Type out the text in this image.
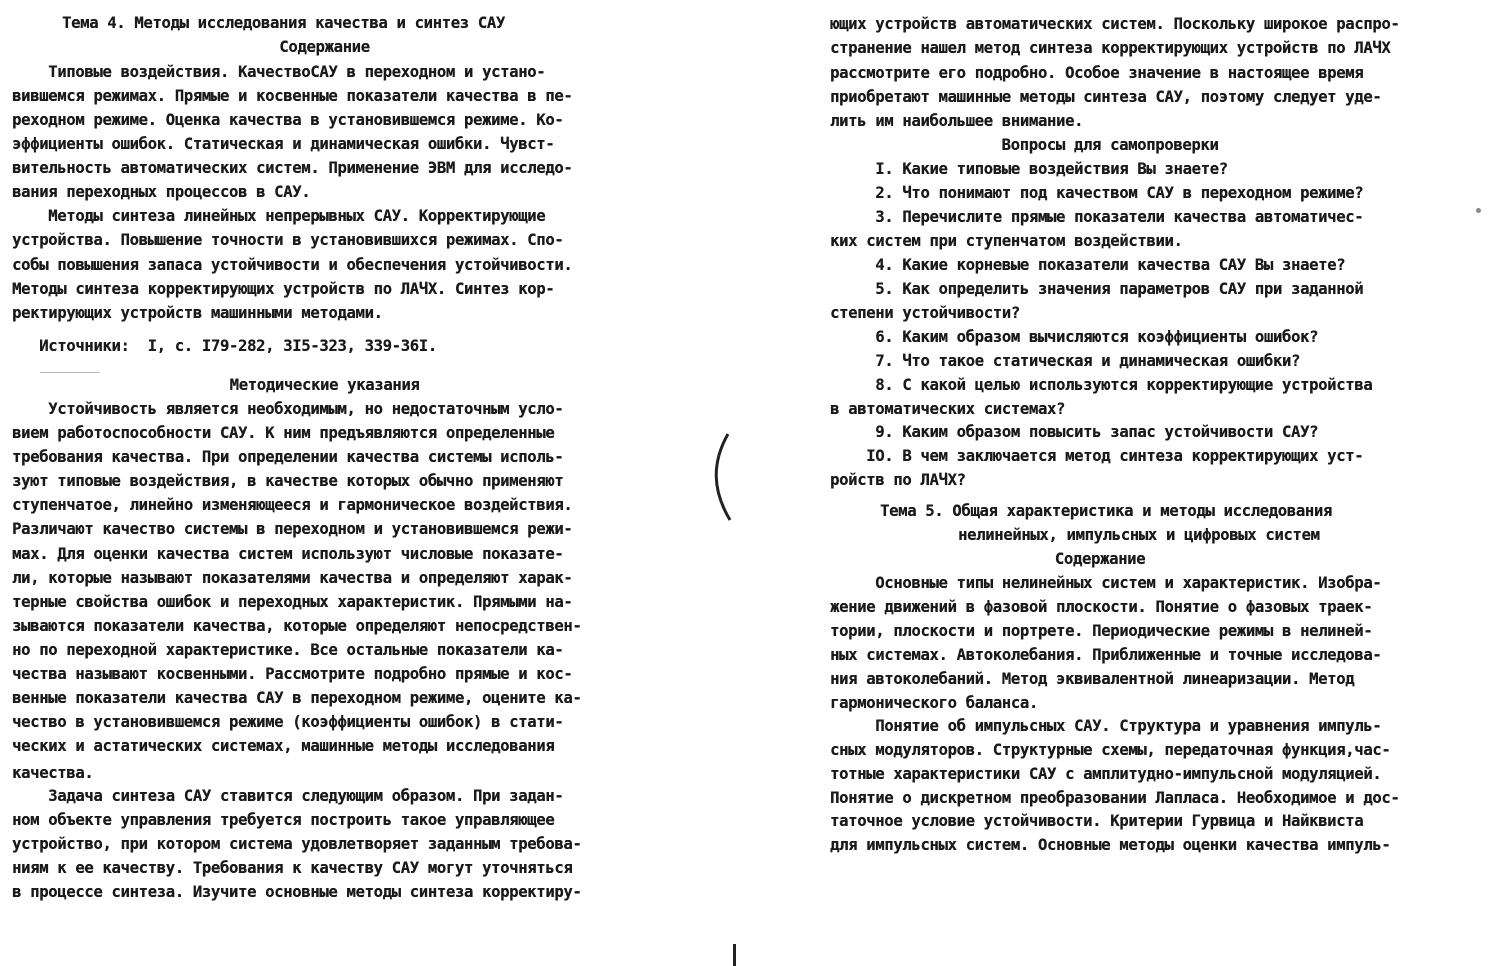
Тема 4. Методы исследования качества и синтез САУ
Содержание
Типовые воздействия. КачествоСАУ в переходном и устано-
вившемся режимах. Прямые и косвенные показатели качества в пе-
реходном режиме. Оценка качества в установившемся режиме. Ко-
эффициенты ошибок. Статическая и динамическая ошибки. Чувст-
вительность автоматических систем. Применение ЭВМ для исследо-
вания переходных процессов в САУ.
Методы синтеза линейных непрерывных САУ. Корректирующие
устройства. Повышение точности в установившихся режимах. Спо-
собы повышения запаса устойчивости и обеспечения устойчивости.
Методы синтеза корректирующих устройств по ЛАЧХ. Синтез кор-
ректирующих устройств машинными методами.
Источники:  I, с. I79-282, 3I5-323, 339-36I.
Методические указания
Устойчивость является необходимым, но недостаточным усло-
вием работоспособности САУ. К ним предъявляются определенные
требования качества. При определении качества системы исполь-
зуют типовые воздействия, в качестве которых обычно применяют
ступенчатое, линейно изменяющееся и гармоническое воздействия.
Различают качество системы в переходном и установившемся режи-
мах. Для оценки качества систем используют числовые показате-
ли, которые называют показателями качества и определяют харак-
терные свойства ошибок и переходных характеристик. Прямыми на-
зываются показатели качества, которые определяют непосредствен-
но по переходной характеристике. Все остальные показатели ка-
чества называют косвенными. Рассмотрите подробно прямые и кос-
венные показатели качества САУ в переходном режиме, оцените ка-
чество в установившемся режиме (коэффициенты ошибок) в стати-
ческих и астатических системах, машинные методы исследования
качества.
Задача синтеза САУ ставится следующим образом. При задан-
ном объекте управления требуется построить такое управляющее
устройство, при котором система удовлетворяет заданным требова-
ниям к ее качеству. Требования к качеству САУ могут уточняться
в процессе синтеза. Изучите основные методы синтеза корректиру-
ющих устройств автоматических систем. Поскольку широкое распро-
странение нашел метод синтеза корректирующих устройств по ЛАЧХ
рассмотрите его подробно. Особое значение в настоящее время
приобретают машинные методы синтеза САУ, поэтому следует уде-
лить им наибольшее внимание.
Вопросы для самопроверки
I. Какие типовые воздействия Вы знаете?
2. Что понимают под качеством САУ в переходном режиме?
3. Перечислите прямые показатели качества автоматичес-
ких систем при ступенчатом воздействии.
4. Какие корневые показатели качества САУ Вы знаете?
5. Как определить значения параметров САУ при заданной
степени устойчивости?
6. Каким образом вычисляются коэффициенты ошибок?
7. Что такое статическая и динамическая ошибки?
8. С какой целью используются корректирующие устройства
в автоматических системах?
9. Каким образом повысить запас устойчивости САУ?
IO. В чем заключается метод синтеза корректирующих уст-
ройств по ЛАЧХ?
Тема 5. Общая характеристика и методы исследования
нелинейных, импульсных и цифровых систем
Содержание
Основные типы нелинейных систем и характеристик. Изобра-
жение движений в фазовой плоскости. Понятие о фазовых траек-
тории, плоскости и портрете. Периодические режимы в нелиней-
ных системах. Автоколебания. Приближенные и точные исследова-
ния автоколебаний. Метод эквивалентной линеаризации. Метод
гармонического баланса.
Понятие об импульсных САУ. Структура и уравнения импуль-
сных модуляторов. Структурные схемы, передаточная функция,час-
тотные характеристики САУ с амплитудно-импульсной модуляцией.
Понятие о дискретном преобразовании Лапласа. Необходимое и дос-
таточное условие устойчивости. Критерии Гурвица и Найквиста
для импульсных систем. Основные методы оценки качества импуль-
